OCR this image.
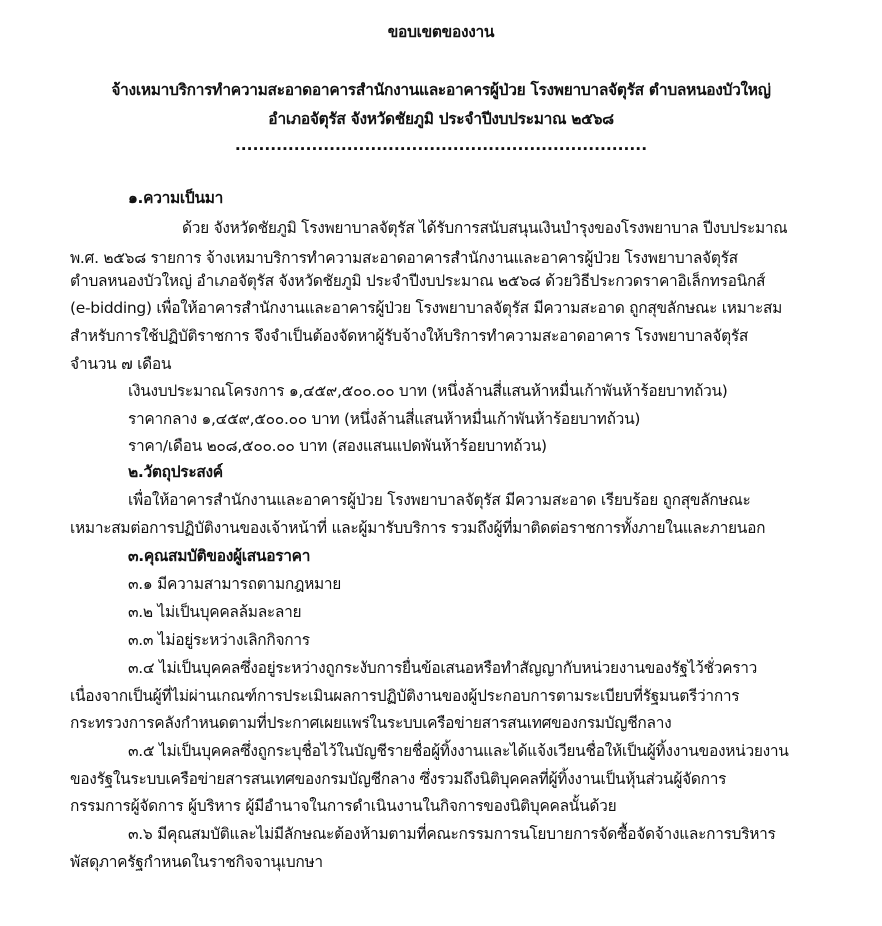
ขอบเขตของงาน
จ้างเหมาบริการทำความสะอาดอาคารสำนักงานและอาคารผู้ป่วย โรงพยาบาลจัตุรัส ตำบลหนองบัวใหญ่
อำเภอจัตุรัส จังหวัดชัยภูมิ ประจำปีงบประมาณ ๒๕๖๘
......................................................................
๑.ความเป็นมา
ด้วย จังหวัดชัยภูมิ โรงพยาบาลจัตุรัส ได้รับการสนับสนุนเงินบำรุงของโรงพยาบาล ปีงบประมาณ
พ.ศ. ๒๕๖๘ รายการ จ้างเหมาบริการทำความสะอาดอาคารสำนักงานและอาคารผู้ป่วย โรงพยาบาลจัตุรัส
ตำบลหนองบัวใหญ่ อำเภอจัตุรัส จังหวัดชัยภูมิ ประจำปีงบประมาณ ๒๕๖๘ ด้วยวิธีประกวดราคาอิเล็กทรอนิกส์
(e-bidding) เพื่อให้อาคารสำนักงานและอาคารผู้ป่วย โรงพยาบาลจัตุรัส มีความสะอาด ถูกสุขลักษณะ เหมาะสม
สำหรับการใช้ปฏิบัติราชการ จึงจำเป็นต้องจัดหาผู้รับจ้างให้บริการทำความสะอาดอาคาร โรงพยาบาลจัตุรัส
จำนวน ๗ เดือน
เงินงบประมาณโครงการ ๑,๔๕๙,๕๐๐.๐๐ บาท (หนึ่งล้านสี่แสนห้าหมื่นเก้าพันห้าร้อยบาทถ้วน)
ราคากลาง ๑,๔๕๙,๕๐๐.๐๐ บาท (หนึ่งล้านสี่แสนห้าหมื่นเก้าพันห้าร้อยบาทถ้วน)
ราคา/เดือน ๒๐๘,๕๐๐.๐๐ บาท (สองแสนแปดพันห้าร้อยบาทถ้วน)
๒.วัตถุประสงค์
เพื่อให้อาคารสำนักงานและอาคารผู้ป่วย โรงพยาบาลจัตุรัส มีความสะอาด เรียบร้อย ถูกสุขลักษณะ
เหมาะสมต่อการปฏิบัติงานของเจ้าหน้าที่ และผู้มารับบริการ รวมถึงผู้ที่มาติดต่อราชการทั้งภายในและภายนอก
๓.คุณสมบัติของผู้เสนอราคา
๓.๑ มีความสามารถตามกฎหมาย
๓.๒ ไม่เป็นบุคคลล้มละลาย
๓.๓ ไม่อยู่ระหว่างเลิกกิจการ
๓.๔ ไม่เป็นบุคคลซึ่งอยู่ระหว่างถูกระงับการยื่นข้อเสนอหรือทำสัญญากับหน่วยงานของรัฐไว้ชั่วคราว
เนื่องจากเป็นผู้ที่ไม่ผ่านเกณฑ์การประเมินผลการปฏิบัติงานของผู้ประกอบการตามระเบียบที่รัฐมนตรีว่าการ
กระทรวงการคลังกำหนดตามที่ประกาศเผยแพร่ในระบบเครือข่ายสารสนเทศของกรมบัญชีกลาง
๓.๕ ไม่เป็นบุคคลซึ่งถูกระบุชื่อไว้ในบัญชีรายชื่อผู้ทิ้งงานและได้แจ้งเวียนชื่อให้เป็นผู้ทิ้งงานของหน่วยงาน
ของรัฐในระบบเครือข่ายสารสนเทศของกรมบัญชีกลาง ซึ่งรวมถึงนิติบุคคลที่ผู้ทิ้งงานเป็นหุ้นส่วนผู้จัดการ
กรรมการผู้จัดการ ผู้บริหาร ผู้มีอำนาจในการดำเนินงานในกิจการของนิติบุคคลนั้นด้วย
๓.๖ มีคุณสมบัติและไม่มีลักษณะต้องห้ามตามที่คณะกรรมการนโยบายการจัดซื้อจัดจ้างและการบริหาร
พัสดุภาครัฐกำหนดในราชกิจจานุเบกษา
